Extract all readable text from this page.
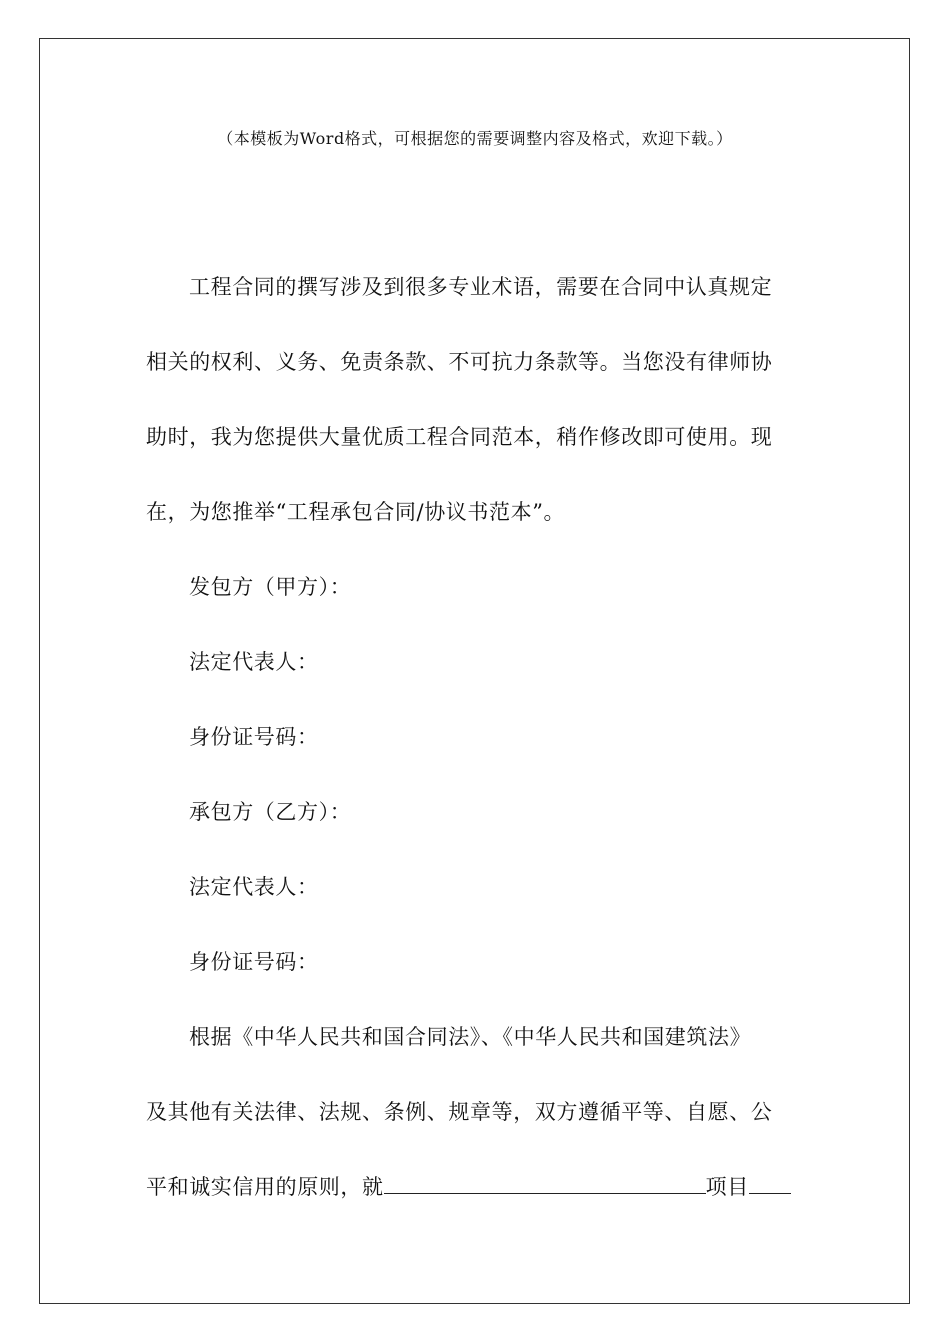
（本模板为Word格式，可根据您的需要调整内容及格式，欢迎下载。）
工程合同的撰写涉及到很多专业术语，需要在合同中认真规定
相关的权利、义务、免责条款、不可抗力条款等。当您没有律师协
助时，我为您提供大量优质工程合同范本，稍作修改即可使用。现
在，为您推举“工程承包合同/协议书范本”。
发包方（甲方）：
法定代表人：
身份证号码：
承包方（乙方）：
法定代表人：
身份证号码：
根据《中华人民共和国合同法》、《中华人民共和国建筑法》
及其他有关法律、法规、条例、规章等，双方遵循平等、自愿、公
平和诚实信用的原则，就	项目
